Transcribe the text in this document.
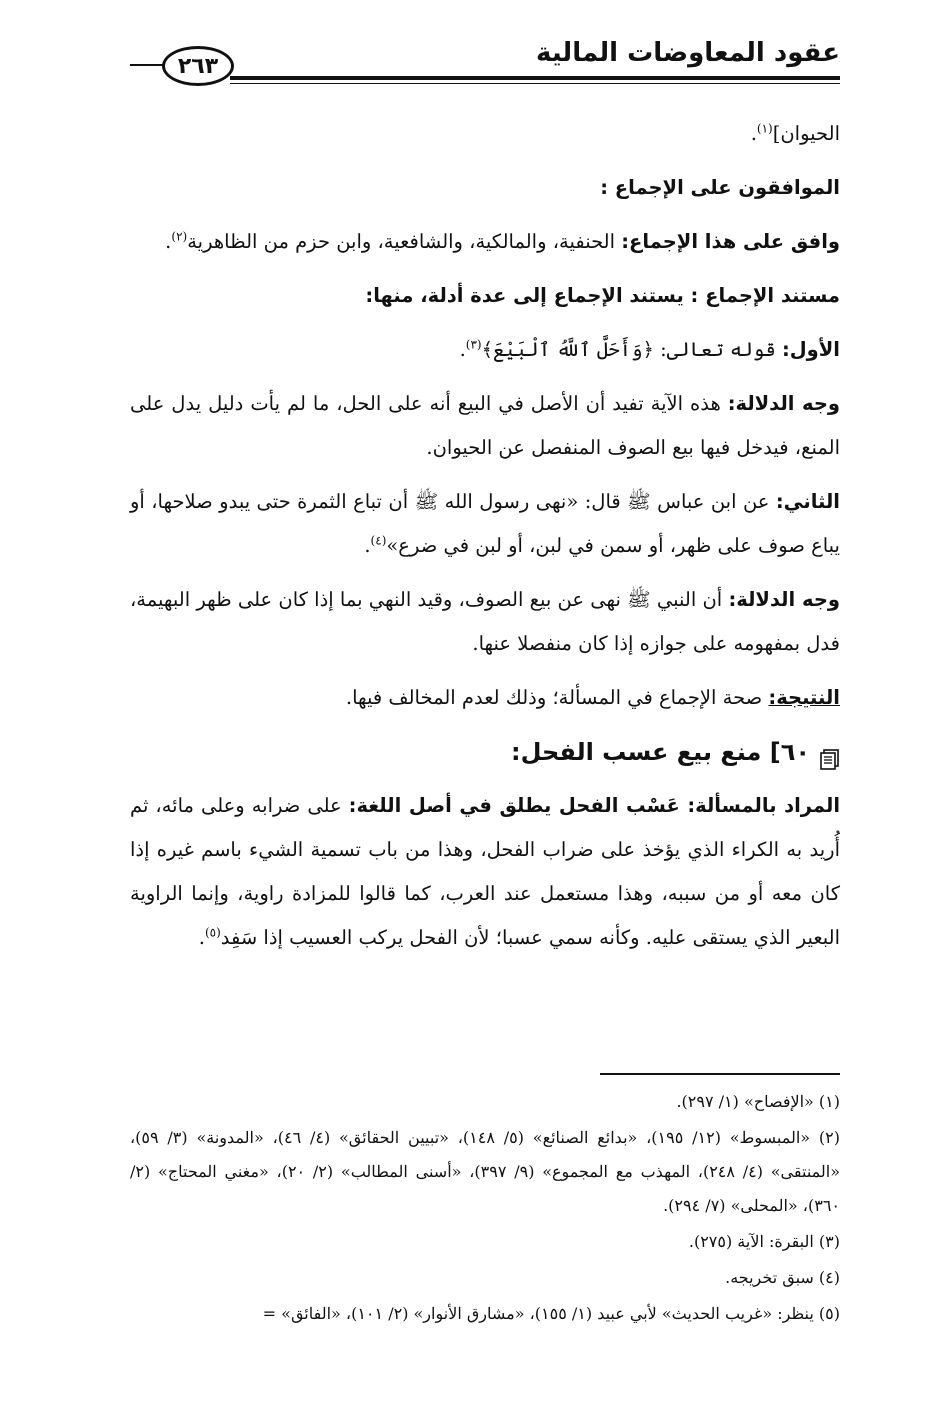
عقود المعاوضات المالية
٢٦٣

الحيوان]$^{(١)}$.

الموافقون على الإجماع :

وافق على هذا الإجماع: الحنفية، والمالكية، والشافعية، وابن حزم من الظاهرية$^{(٢)}$.

مستند الإجماع : يستند الإجماع إلى عدة أدلة، منها:

الأول: قوله تعالى: ﴿وَأَحَلَّ ٱللَّهُ ٱلْبَيْعَ﴾$^{(٣)}$.

وجه الدلالة: هذه الآية تفيد أن الأصل في البيع أنه على الحل، ما لم يأت دليل يدل على المنع، فيدخل فيها بيع الصوف المنفصل عن الحيوان.

الثاني: عن ابن عباس ﷺ قال: «نهى رسول الله ﷺ أن تباع الثمرة حتى يبدو صلاحها، أو يباع صوف على ظهر، أو سمن في لبن، أو لبن في ضرع»$^{(٤)}$.

وجه الدلالة: أن النبي ﷺ نهى عن بيع الصوف، وقيد النهي بما إذا كان على ظهر البهيمة، فدل بمفهومه على جوازه إذا كان منفصلا عنها.

النتيجة: صحة الإجماع في المسألة؛ وذلك لعدم المخالف فيها.

٦٠] منع بيع عسب الفحل:

المراد بالمسألة: عَسْب الفحل يطلق في أصل اللغة: على ضرابه وعلى مائه، ثم أُريد به الكراء الذي يؤخذ على ضراب الفحل، وهذا من باب تسمية الشيء باسم غيره إذا كان معه أو من سببه، وهذا مستعمل عند العرب، كما قالوا للمزادة راوية، وإنما الراوية البعير الذي يستقى عليه. وكأنه سمي عسبا؛ لأن الفحل يركب العسيب إذا سَفِد$^{(٥)}$.

(١) «الإفصاح» (١/ ٢٩٧).

(٢) «المبسوط» (١٢/ ١٩٥)، «بدائع الصنائع» (٥/ ١٤٨)، «تبيين الحقائق» (٤/ ٤٦)، «المدونة» (٣/ ٥٩)، «المنتقى» (٤/ ٢٤٨)، المهذب مع المجموع» (٩/ ٣٩٧)، «أسنى المطالب» (٢/ ٢٠)، «مغني المحتاج» (٢/ ٣٦٠)، «المحلى» (٧/ ٢٩٤).

(٣) البقرة: الآية (٢٧٥).

(٤) سبق تخريجه.

(٥) ينظر: «غريب الحديث» لأبي عبيد (١/ ١٥٥)، «مشارق الأنوار» (٢/ ١٠١)، «الفائق» =
